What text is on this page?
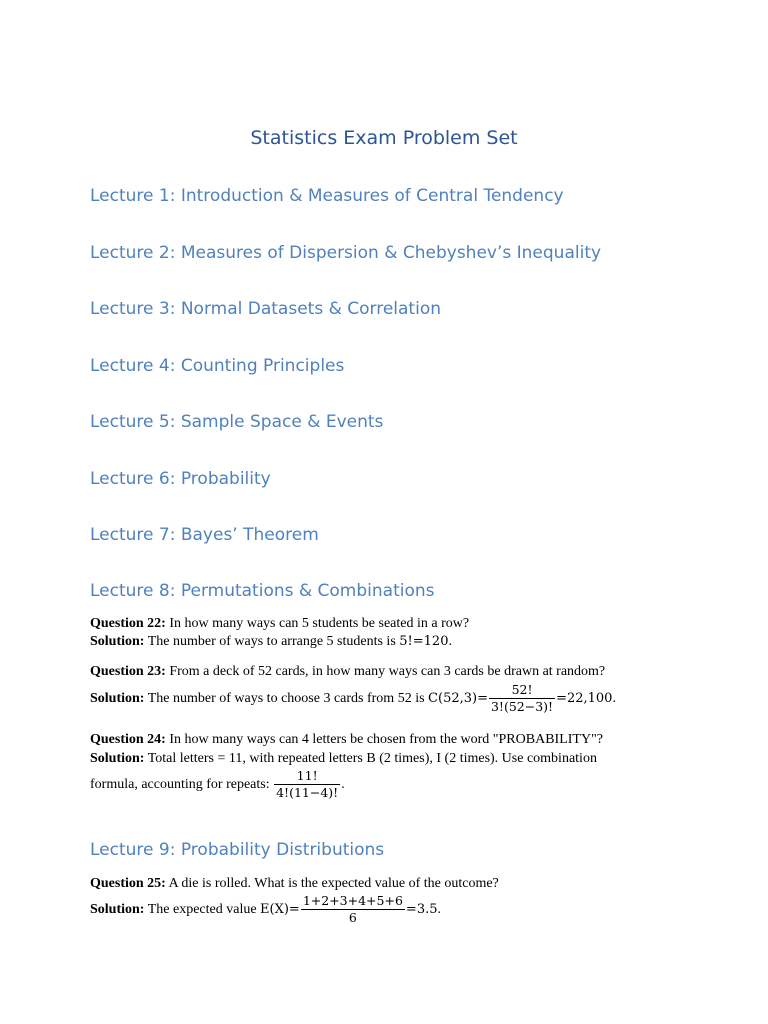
Statistics Exam Problem Set
Lecture 1: Introduction & Measures of Central Tendency
Lecture 2: Measures of Dispersion & Chebyshev’s Inequality
Lecture 3: Normal Datasets & Correlation
Lecture 4: Counting Principles
Lecture 5: Sample Space & Events
Lecture 6: Probability
Lecture 7: Bayes’ Theorem
Lecture 8: Permutations & Combinations
Question 22: In how many ways can 5 students be seated in a row?
Solution: The number of ways to arrange 5 students is 5!=120.
Question 23: From a deck of 52 cards, in how many ways can 3 cards be drawn at random?
Solution: The number of ways to choose 3 cards from 52 is $C(52,3)= \frac{52!}{3!(52-3)!} =22,100$.
Question 24: In how many ways can 4 letters be chosen from the word "PROBABILITY"?
Solution: Total letters = 11, with repeated letters B (2 times), I (2 times). Use combination
formula, accounting for repeats: $\frac{11!}{4!(11-4)!}$ .
Lecture 9: Probability Distributions
Question 25: A die is rolled. What is the expected value of the outcome?
Solution: The expected value $E(X)= \frac{1+2+3+4+5+6}{6} =3.5$.
